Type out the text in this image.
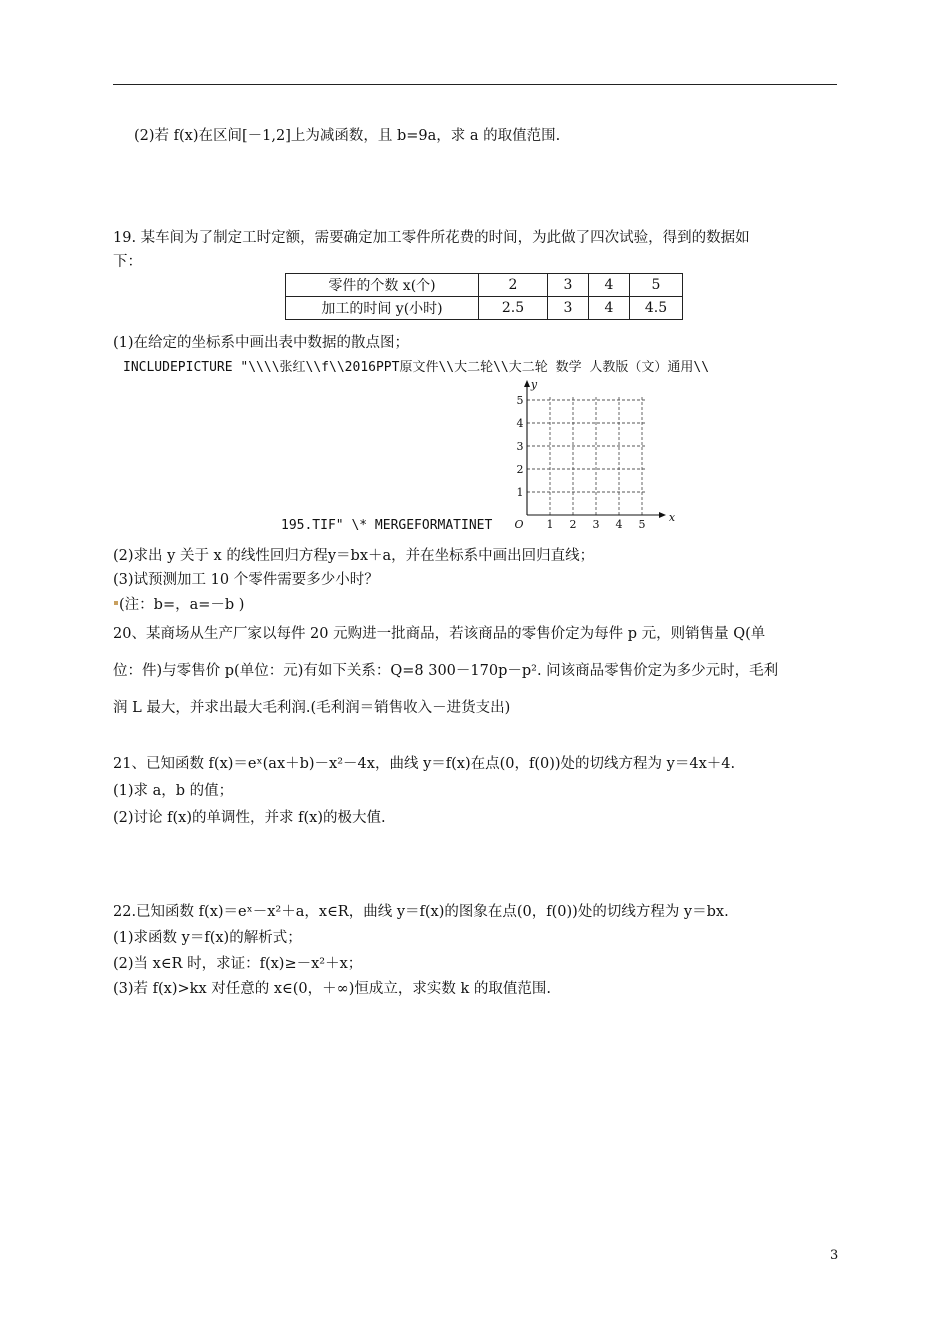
(2)若 f(x)在区间[－1,2]上为减函数，且 b=9a，求 a 的取值范围.
19. 某车间为了制定工时定额，需要确定加工零件所花费的时间，为此做了四次试验，得到的数据如
下：
零件的个数 x(个)	2	3	4	5
加工的时间 y(小时)	2.5	3	4	4.5
(1)在给定的坐标系中画出表中数据的散点图；
INCLUDEPICTURE "\\\\张红\\f\\2016PPT原文件\\大二轮\\大二轮 数学 人教版（文）通用\\
1 2 3 4 5
1
2
3
4
5
O
x
y
195.TIF" \* MERGEFORMATINET
(2)求出 y 关于 x 的线性回归方程y＝bx＋a，并在坐标系中画出回归直线；
(3)试预测加工 10 个零件需要多少小时？
(注：b=，a=－b )
20、某商场从生产厂家以每件 20 元购进一批商品，若该商品的零售价定为每件 p 元，则销售量 Q(单
位：件)与零售价 p(单位：元)有如下关系：Q=8 300－170p－p². 问该商品零售价定为多少元时，毛利
润 L 最大，并求出最大毛利润.(毛利润＝销售收入－进货支出)
21、已知函数 f(x)＝eˣ(ax＋b)－x²－4x，曲线 y＝f(x)在点(0，f(0))处的切线方程为 y＝4x＋4.
(1)求 a，b 的值；
(2)讨论 f(x)的单调性，并求 f(x)的极大值.
22.已知函数 f(x)＝eˣ－x²＋a，x∈R，曲线 y＝f(x)的图象在点(0，f(0))处的切线方程为 y＝bx.
(1)求函数 y＝f(x)的解析式；
(2)当 x∈R 时，求证：f(x)≥－x²＋x；
(3)若 f(x)>kx 对任意的 x∈(0，＋∞)恒成立，求实数 k 的取值范围.
3
